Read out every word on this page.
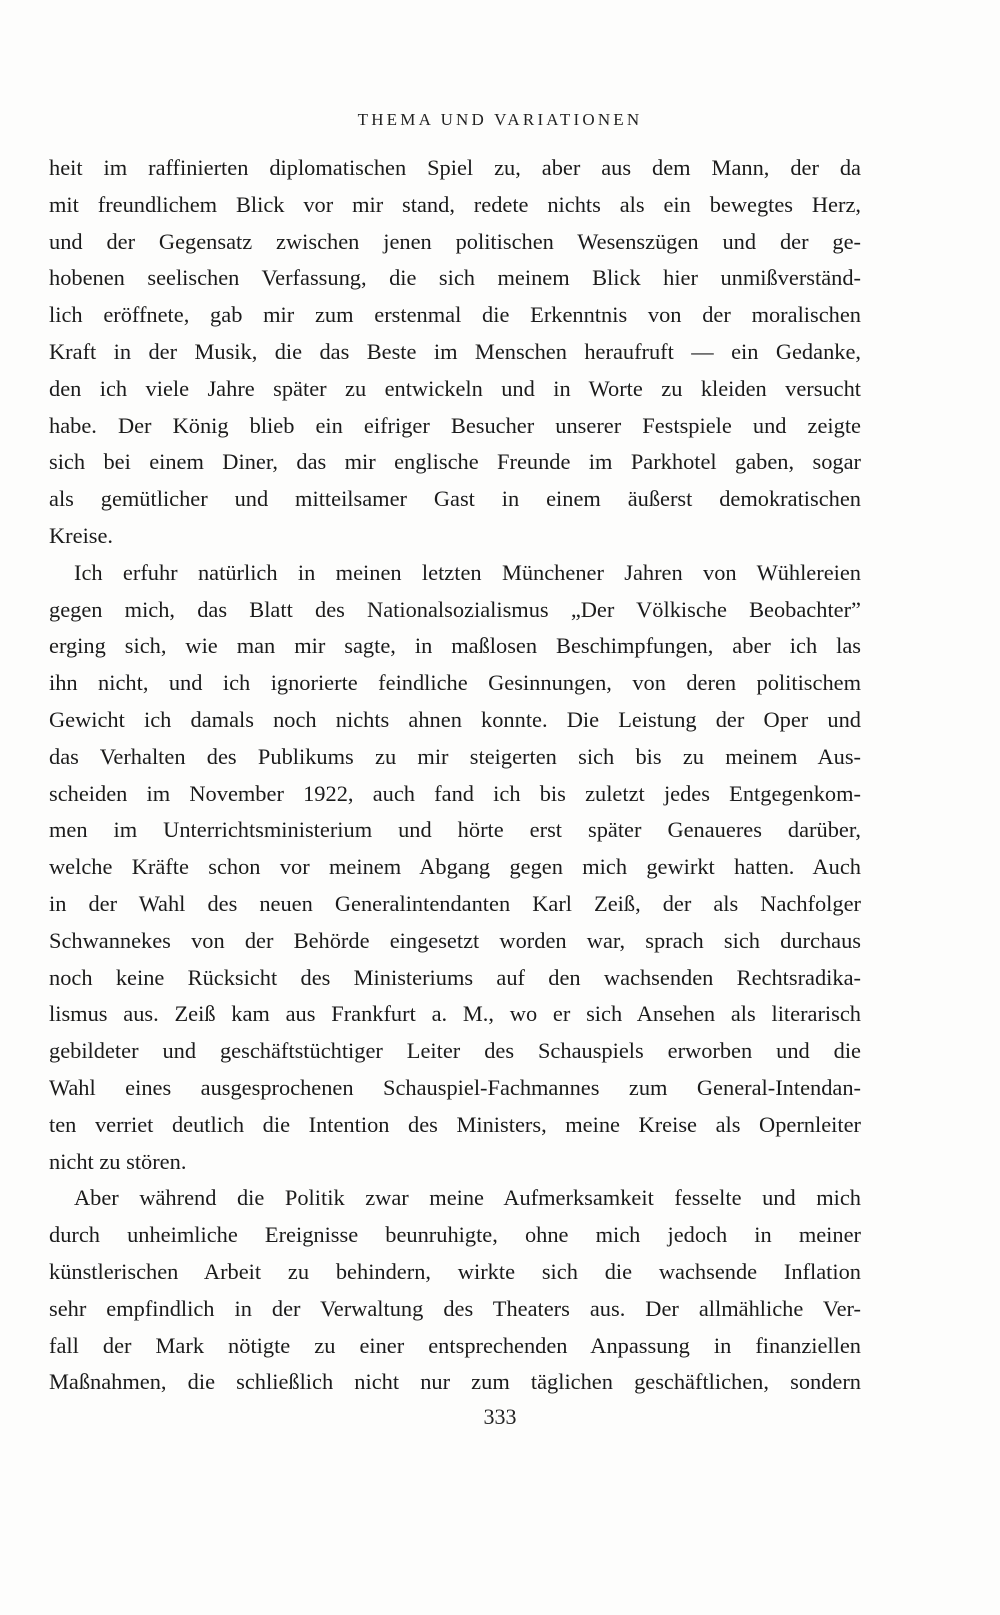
THEMA UND VARIATIONEN
heit im raffinierten diplomatischen Spiel zu, aber aus dem Mann, der da
mit freundlichem Blick vor mir stand, redete nichts als ein bewegtes Herz,
und der Gegensatz zwischen jenen politischen Wesenszügen und der ge-
hobenen seelischen Verfassung, die sich meinem Blick hier unmißverständ-
lich eröffnete, gab mir zum erstenmal die Erkenntnis von der moralischen
Kraft in der Musik, die das Beste im Menschen heraufruft — ein Gedanke,
den ich viele Jahre später zu entwickeln und in Worte zu kleiden versucht
habe. Der König blieb ein eifriger Besucher unserer Festspiele und zeigte
sich bei einem Diner, das mir englische Freunde im Parkhotel gaben, sogar
als gemütlicher und mitteilsamer Gast in einem äußerst demokratischen
Kreise.
Ich erfuhr natürlich in meinen letzten Münchener Jahren von Wühlereien
gegen mich, das Blatt des Nationalsozialismus „Der Völkische Beobachter”
erging sich, wie man mir sagte, in maßlosen Beschimpfungen, aber ich las
ihn nicht, und ich ignorierte feindliche Gesinnungen, von deren politischem
Gewicht ich damals noch nichts ahnen konnte. Die Leistung der Oper und
das Verhalten des Publikums zu mir steigerten sich bis zu meinem Aus-
scheiden im November 1922, auch fand ich bis zuletzt jedes Entgegenkom-
men im Unterrichtsministerium und hörte erst später Genaueres darüber,
welche Kräfte schon vor meinem Abgang gegen mich gewirkt hatten. Auch
in der Wahl des neuen Generalintendanten Karl Zeiß, der als Nachfolger
Schwannekes von der Behörde eingesetzt worden war, sprach sich durchaus
noch keine Rücksicht des Ministeriums auf den wachsenden Rechtsradika-
lismus aus. Zeiß kam aus Frankfurt a. M., wo er sich Ansehen als literarisch
gebildeter und geschäftstüchtiger Leiter des Schauspiels erworben und die
Wahl eines ausgesprochenen Schauspiel-Fachmannes zum General-Intendan-
ten verriet deutlich die Intention des Ministers, meine Kreise als Opernleiter
nicht zu stören.
Aber während die Politik zwar meine Aufmerksamkeit fesselte und mich
durch unheimliche Ereignisse beunruhigte, ohne mich jedoch in meiner
künstlerischen Arbeit zu behindern, wirkte sich die wachsende Inflation
sehr empfindlich in der Verwaltung des Theaters aus. Der allmähliche Ver-
fall der Mark nötigte zu einer entsprechenden Anpassung in finanziellen
Maßnahmen, die schließlich nicht nur zum täglichen geschäftlichen, sondern
333
